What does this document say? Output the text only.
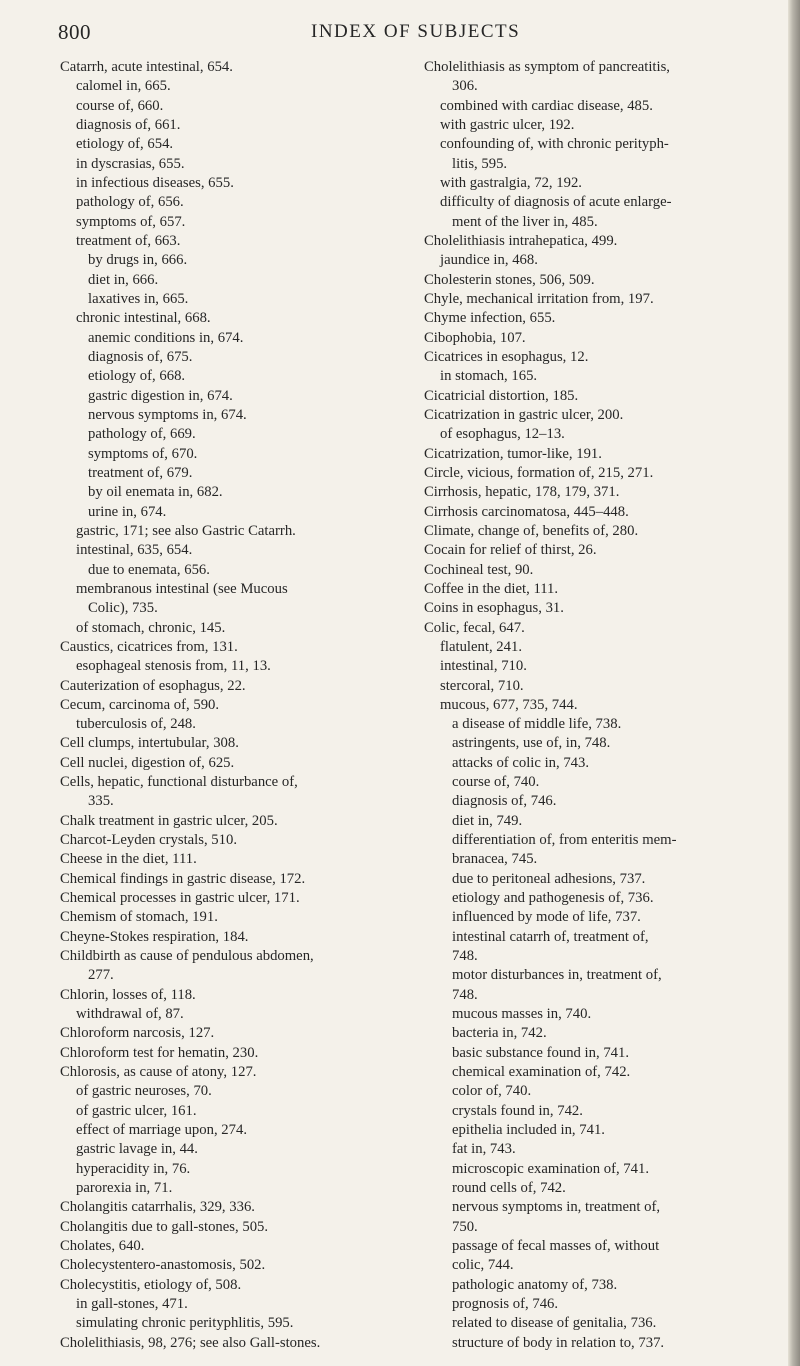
800	INDEX OF SUBJECTS
Catarrh, acute intestinal, 654.
calomel in, 665.
course of, 660.
diagnosis of, 661.
etiology of, 654.
in dyscrasias, 655.
in infectious diseases, 655.
pathology of, 656.
symptoms of, 657.
treatment of, 663.
by drugs in, 666.
diet in, 666.
laxatives in, 665.
chronic intestinal, 668.
anemic conditions in, 674.
diagnosis of, 675.
etiology of, 668.
gastric digestion in, 674.
nervous symptoms in, 674.
pathology of, 669.
symptoms of, 670.
treatment of, 679.
by oil enemata in, 682.
urine in, 674.
gastric, 171; see also Gastric Catarrh.
intestinal, 635, 654.
due to enemata, 656.
membranous intestinal (see Mucous
Colic), 735.
of stomach, chronic, 145.
Caustics, cicatrices from, 131.
esophageal stenosis from, 11, 13.
Cauterization of esophagus, 22.
Cecum, carcinoma of, 590.
tuberculosis of, 248.
Cell clumps, intertubular, 308.
Cell nuclei, digestion of, 625.
Cells, hepatic, functional disturbance of,
335.
Chalk treatment in gastric ulcer, 205.
Charcot-Leyden crystals, 510.
Cheese in the diet, 111.
Chemical findings in gastric disease, 172.
Chemical processes in gastric ulcer, 171.
Chemism of stomach, 191.
Cheyne-Stokes respiration, 184.
Childbirth as cause of pendulous abdomen,
277.
Chlorin, losses of, 118.
withdrawal of, 87.
Chloroform narcosis, 127.
Chloroform test for hematin, 230.
Chlorosis, as cause of atony, 127.
of gastric neuroses, 70.
of gastric ulcer, 161.
effect of marriage upon, 274.
gastric lavage in, 44.
hyperacidity in, 76.
parorexia in, 71.
Cholangitis catarrhalis, 329, 336.
Cholangitis due to gall-stones, 505.
Cholates, 640.
Cholecystentero-anastomosis, 502.
Cholecystitis, etiology of, 508.
in gall-stones, 471.
simulating chronic perityphlitis, 595.
Cholelithiasis, 98, 276; see also Gall-stones.
Cholelithiasis as symptom of pancreatitis,
306.
combined with cardiac disease, 485.
with gastric ulcer, 192.
confounding of, with chronic perityph-
litis, 595.
with gastralgia, 72, 192.
difficulty of diagnosis of acute enlarge-
ment of the liver in, 485.
Cholelithiasis intrahepatica, 499.
jaundice in, 468.
Cholesterin stones, 506, 509.
Chyle, mechanical irritation from, 197.
Chyme infection, 655.
Cibophobia, 107.
Cicatrices in esophagus, 12.
in stomach, 165.
Cicatricial distortion, 185.
Cicatrization in gastric ulcer, 200.
of esophagus, 12–13.
Cicatrization, tumor-like, 191.
Circle, vicious, formation of, 215, 271.
Cirrhosis, hepatic, 178, 179, 371.
Cirrhosis carcinomatosa, 445–448.
Climate, change of, benefits of, 280.
Cocain for relief of thirst, 26.
Cochineal test, 90.
Coffee in the diet, 111.
Coins in esophagus, 31.
Colic, fecal, 647.
flatulent, 241.
intestinal, 710.
stercoral, 710.
mucous, 677, 735, 744.
a disease of middle life, 738.
astringents, use of, in, 748.
attacks of colic in, 743.
course of, 740.
diagnosis of, 746.
diet in, 749.
differentiation of, from enteritis mem-
branacea, 745.
due to peritoneal adhesions, 737.
etiology and pathogenesis of, 736.
influenced by mode of life, 737.
intestinal catarrh of, treatment of,
748.
motor disturbances in, treatment of,
748.
mucous masses in, 740.
bacteria in, 742.
basic substance found in, 741.
chemical examination of, 742.
color of, 740.
crystals found in, 742.
epithelia included in, 741.
fat in, 743.
microscopic examination of, 741.
round cells of, 742.
nervous symptoms in, treatment of,
750.
passage of fecal masses of, without
colic, 744.
pathologic anatomy of, 738.
prognosis of, 746.
related to disease of genitalia, 736.
structure of body in relation to, 737.
